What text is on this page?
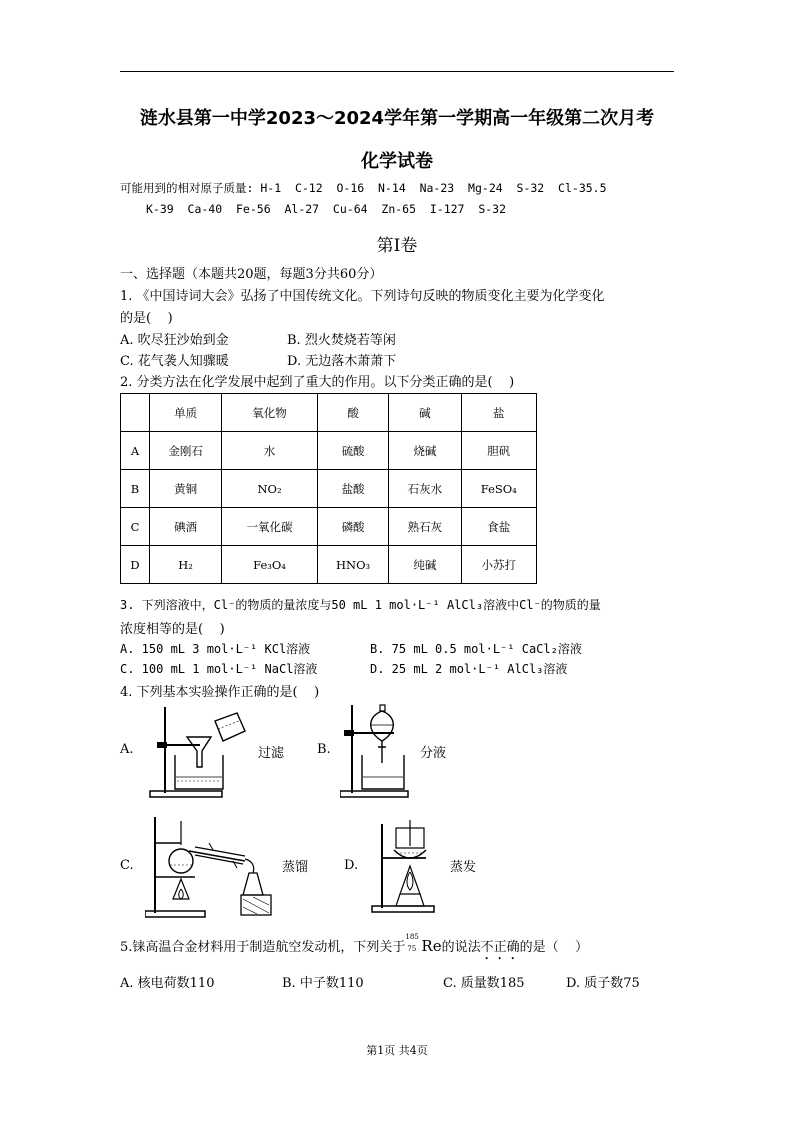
涟水县第一中学2023～2024学年第一学期高一年级第二次月考
化学试卷
可能用到的相对原子质量: H-1  C-12  O-16  N-14  Na-23  Mg-24  S-32  Cl-35.5
K-39  Ca-40  Fe-56  Al-27  Cu-64  Zn-65  I-127  S-32
第Ⅰ卷
一、选择题（本题共20题，每题3分共60分）
1. 《中国诗词大会》弘扬了中国传统文化。下列诗句反映的物质变化主要为化学变化
的是(    )
A. 吹尽狂沙始到金	B. 烈火焚烧若等闲
C. 花气袭人知骤暖	D. 无边落木萧萧下
2. 分类方法在化学发展中起到了重大的作用。以下分类正确的是(    )
	单质	氧化物	酸	碱	盐
A	金刚石	水	硫酸	烧碱	胆矾
B	黄铜	NO₂	盐酸	石灰水	FeSO₄
C	碘酒	一氧化碳	磷酸	熟石灰	食盐
D	H₂	Fe₃O₄	HNO₃	纯碱	小苏打
3. 下列溶液中，Cl⁻的物质的量浓度与50 mL 1 mol·L⁻¹ AlCl₃溶液中Cl⁻的物质的量
浓度相等的是(    )
A. 150 mL 3 mol·L⁻¹ KCl溶液	B. 75 mL 0.5 mol·L⁻¹ CaCl₂溶液
C. 100 mL 1 mol·L⁻¹ NaCl溶液	D. 25 mL 2 mol·L⁻¹ AlCl₃溶液
4. 下列基本实验操作正确的是(    )
A.	过滤	B.	分液
C.	蒸馏	D.	蒸发
5.铼高温合金材料用于制造航空发动机，下列关于
185
75 Re的说法不正确的是（    ）
A. 核电荷数110	B. 中子数110	C. 质量数185	D. 质子数75
第1页 共4页
